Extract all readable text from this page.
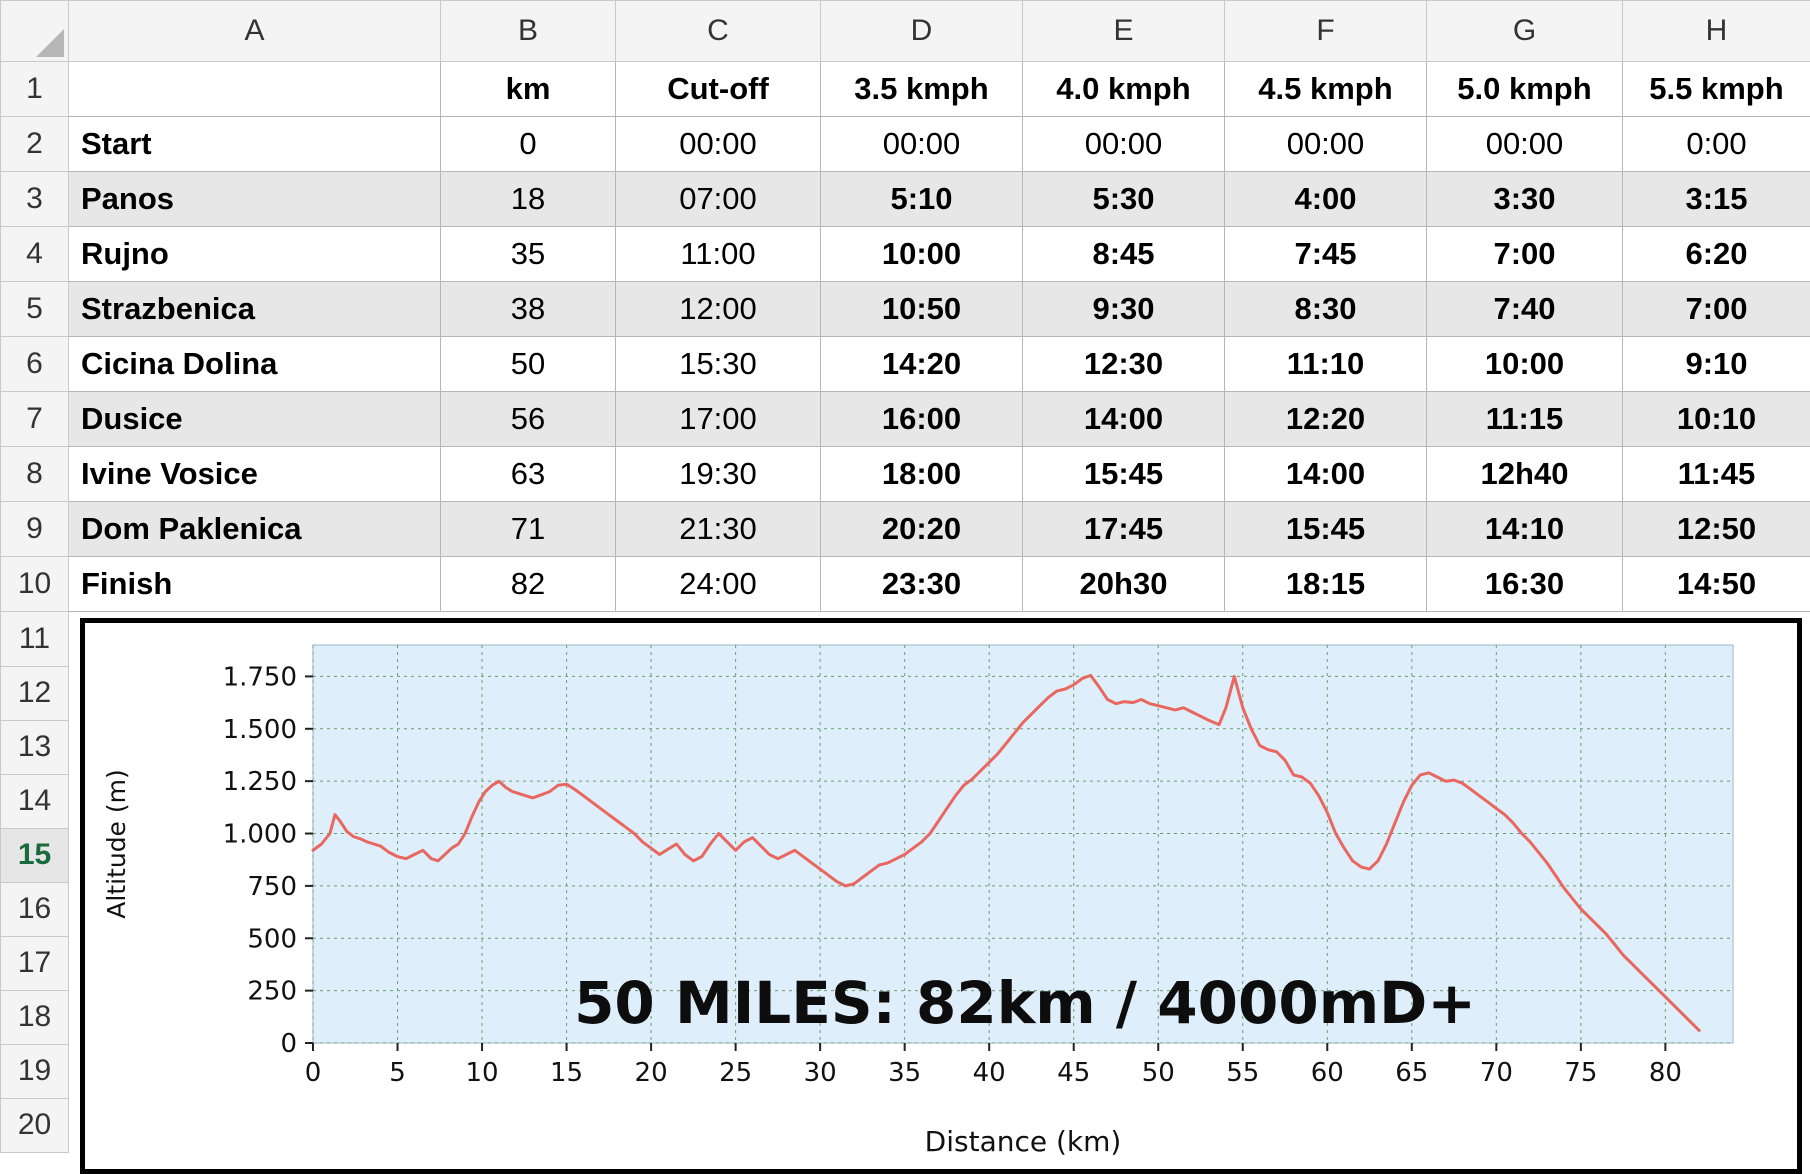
	A	B	C	D	E	F	G	H
1		km	Cut-off	3.5 kmph	4.0 kmph	4.5 kmph	5.0 kmph	5.5 kmph
2	Start	0	00:00	00:00	00:00	00:00	00:00	0:00
3	Panos	18	07:00	5:10	5:30	4:00	3:30	3:15
4	Rujno	35	11:00	10:00	8:45	7:45	7:00	6:20
5	Strazbenica	38	12:00	10:50	9:30	8:30	7:40	7:00
6	Cicina Dolina	50	15:30	14:20	12:30	11:10	10:00	9:10
7	Dusice	56	17:00	16:00	14:00	12:20	11:15	10:10
8	Ivine Vosice	63	19:30	18:00	15:45	14:00	12h40	11:45
9	Dom Paklenica	71	21:30	20:20	17:45	15:45	14:10	12:50
10	Finish	82	24:00	23:30	20h30	18:15	16:30	14:50
11								
12								
13								
14								
15								
16								
17								
18								
19								
20								
0
250
500
750
1.000
1.250
1.500
1.750
0	5 10 15 20 25 30 35 40 45 50 55 60 65 70 75 80
Altitude (m)
Distance (km)
50 MILES: 82km / 4000mD+
